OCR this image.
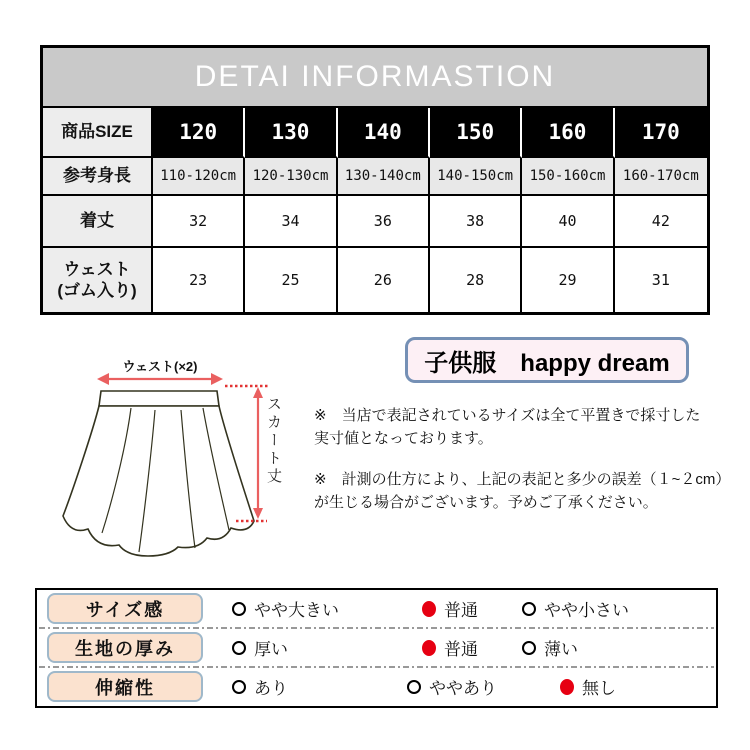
DETAI INFORMASTION
商品SIZE	120	130	140	150	160	170
参考身長	110-120cm	120-130cm	130-140cm	140-150cm	150-160cm	160-170cm
着丈	32	34	36	38	40	42
ウェスト
(ゴム入り)
23	25	26	28	29	31
ウェスト(×2)
スカート丈
子供服　happy dream

※　当店で表記されているサイズは全て平置きで採寸した
実寸値となっております。

※　計測の仕方により、上記の表記と多少の誤差（１~２cm）
が生じる場合がございます。予めご了承ください。

サイズ感	やや大きい	普通	やや小さい
生地の厚み	厚い	普通	薄い
伸縮性	あり	ややあり	無し
